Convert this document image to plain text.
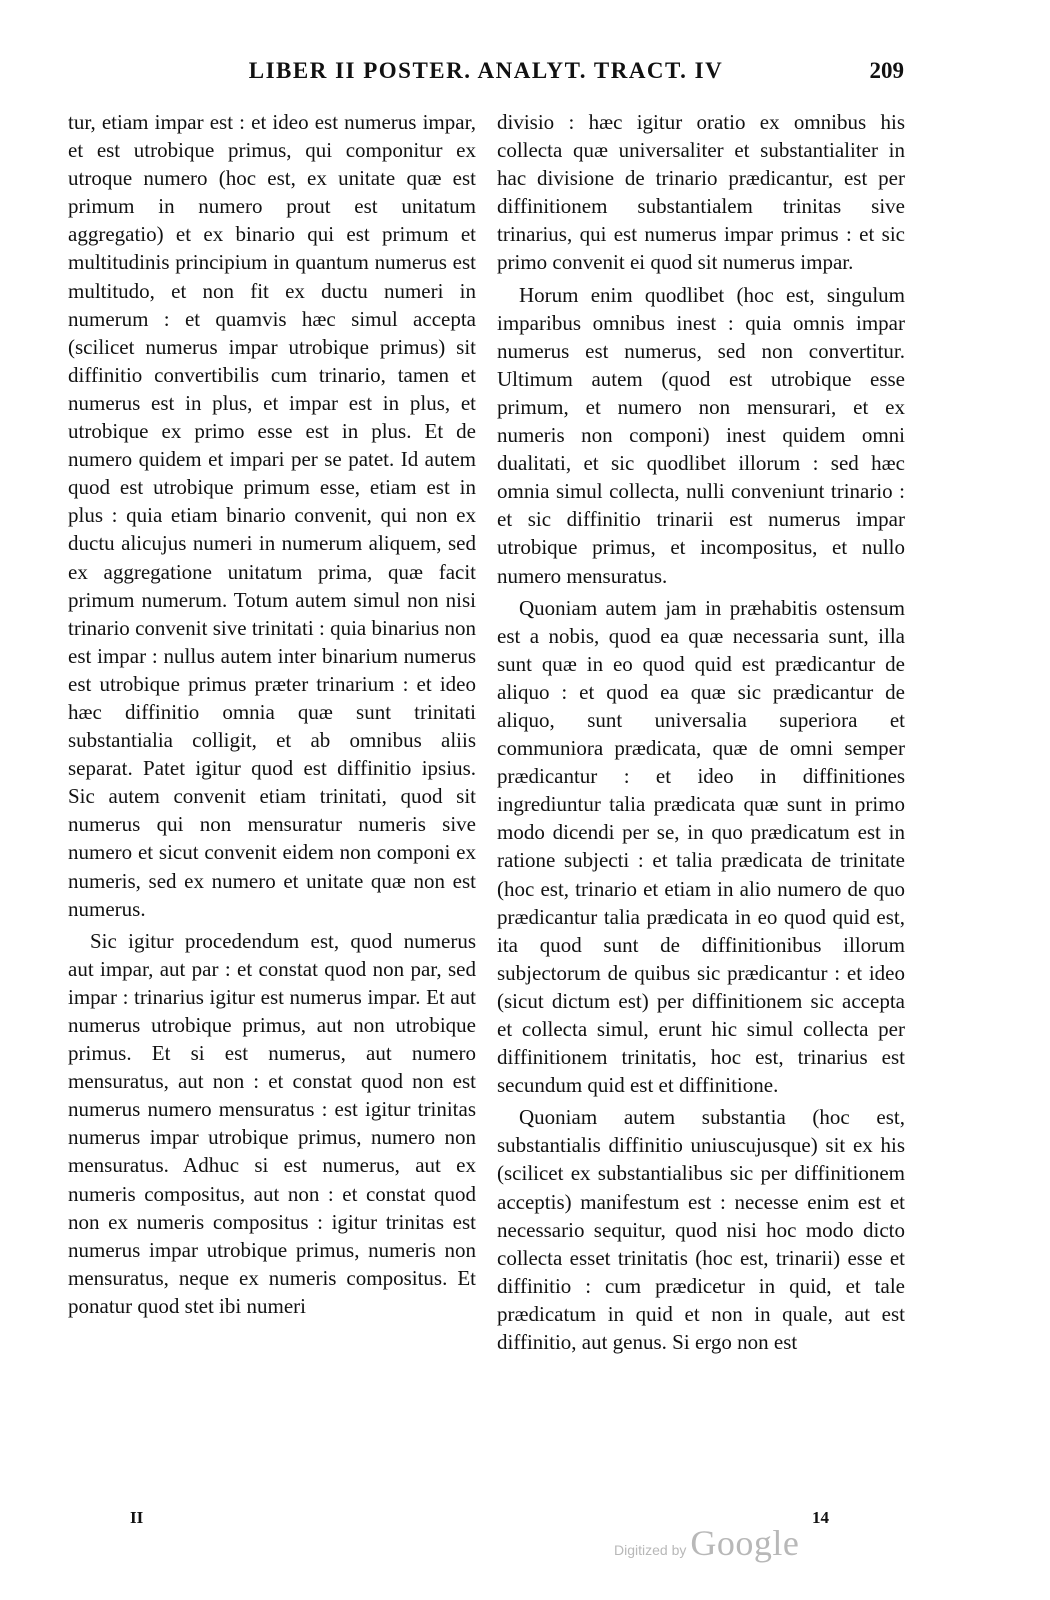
LIBER II POSTER. ANALYT. TRACT. IV	209

tur, etiam impar est : et ideo est numerus impar, et est utrobique primus, qui componitur ex utroque numero (hoc est, ex unitate quæ est primum in numero prout est unitatum aggregatio) et ex binario qui est primum et multitudinis principium in quantum numerus est multitudo, et non fit ex ductu numeri in numerum : et quamvis hæc simul accepta (scilicet numerus impar utrobique primus) sit diffinitio convertibilis cum trinario, tamen et numerus est in plus, et impar est in plus, et utrobique ex primo esse est in plus. Et de numero quidem et impari per se patet. Id autem quod est utrobique primum esse, etiam est in plus : quia etiam binario convenit, qui non ex ductu alicujus numeri in numerum aliquem, sed ex aggregatione unitatum prima, quæ facit primum numerum. Totum autem simul non nisi trinario convenit sive trinitati : quia binarius non est impar : nullus autem inter binarium numerus est utrobique primus præter trinarium : et ideo hæc diffinitio omnia quæ sunt trinitati substantialia colligit, et ab omnibus aliis separat. Patet igitur quod est diffinitio ipsius. Sic autem convenit etiam trinitati, quod sit numerus qui non mensuratur numeris sive numero et sicut convenit eidem non componi ex numeris, sed ex numero et unitate quæ non est numerus.

Sic igitur procedendum est, quod numerus aut impar, aut par : et constat quod non par, sed impar : trinarius igitur est numerus impar. Et aut numerus utrobique primus, aut non utrobique primus. Et si est numerus, aut numero mensuratus, aut non : et constat quod non est numerus numero mensuratus : est igitur trinitas numerus impar utrobique primus, numero non mensuratus. Adhuc si est numerus, aut ex numeris compositus, aut non : et constat quod non ex numeris compositus : igitur trinitas est numerus impar utrobique primus, numeris non mensuratus, neque ex numeris compositus. Et ponatur quod stet ibi numeri

divisio : hæc igitur oratio ex omnibus his collecta quæ universaliter et substantialiter in hac divisione de trinario prædicantur, est per diffinitionem substantialem trinitas sive trinarius, qui est numerus impar primus : et sic primo convenit ei quod sit numerus impar.

Horum enim quodlibet (hoc est, singulum imparibus omnibus inest : quia omnis impar numerus est numerus, sed non convertitur. Ultimum autem (quod est utrobique esse primum, et numero non mensurari, et ex numeris non componi) inest quidem omni dualitati, et sic quodlibet illorum : sed hæc omnia simul collecta, nulli conveniunt trinario : et sic diffinitio trinarii est numerus impar utrobique primus, et incompositus, et nullo numero mensuratus.

Quoniam autem jam in præhabitis ostensum est a nobis, quod ea quæ necessaria sunt, illa sunt quæ in eo quod quid est prædicantur de aliquo : et quod ea quæ sic prædicantur de aliquo, sunt universalia superiora et communiora prædicata, quæ de omni semper prædicantur : et ideo in diffinitiones ingrediuntur talia prædicata quæ sunt in primo modo dicendi per se, in quo prædicatum est in ratione subjecti : et talia prædicata de trinitate (hoc est, trinario et etiam in alio numero de quo prædicantur talia prædicata in eo quod quid est, ita quod sunt de diffinitionibus illorum subjectorum de quibus sic prædicantur : et ideo (sicut dictum est) per diffinitionem sic accepta et collecta simul, erunt hic simul collecta per diffinitionem trinitatis, hoc est, trinarius est secundum quid est et diffinitione.

Quoniam autem substantia (hoc est, substantialis diffinitio uniuscujusque) sit ex his (scilicet ex substantialibus sic per diffinitionem acceptis) manifestum est : necesse enim est et necessario sequitur, quod nisi hoc modo dicto collecta esset trinitatis (hoc est, trinarii) esse et diffinitio : cum prædicetur in quid, et tale prædicatum in quid et non in quale, aut est diffinitio, aut genus. Si ergo non est

II	14
Digitized by Google
